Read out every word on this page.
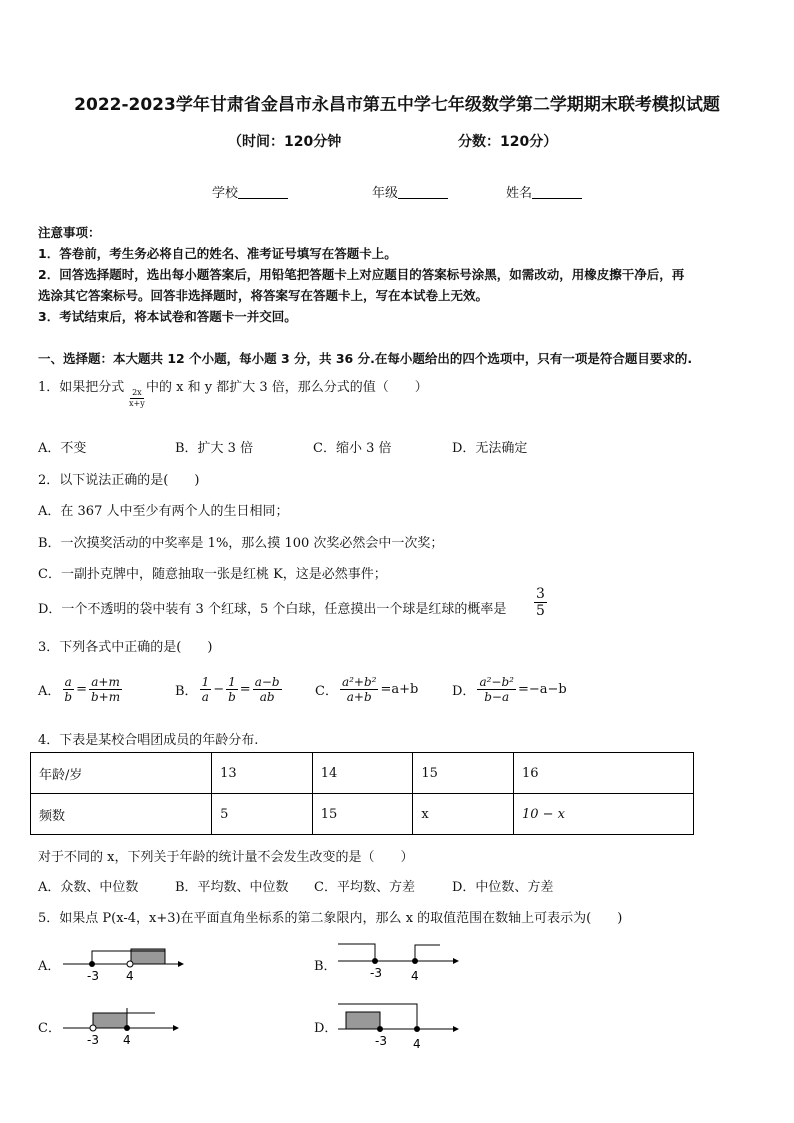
2022-2023学年甘肃省金昌市永昌市第五中学七年级数学第二学期期末联考模拟试题
（时间：120分钟	分数：120分）
学校	年级	姓名
注意事项：
1．答卷前，考生务必将自己的姓名、准考证号填写在答题卡上。
2．回答选择题时，选出每小题答案后，用铅笔把答题卡上对应题目的答案标号涂黑，如需改动，用橡皮擦干净后，再
选涂其它答案标号。回答非选择题时，将答案写在答题卡上，写在本试卷上无效。
3．考试结束后，将本试卷和答题卡一并交回。
一、选择题：本大题共 12 个小题，每小题 3 分，共 36 分.在每小题给出的四个选项中，只有一项是符合题目要求的.
1．如果把分式
$\frac{2x}{x+y}$
中的 x 和 y 都扩大 3 倍，那么分式的值（　　）
A．不变	B．扩大 3 倍	C．缩小 3 倍	D．无法确定
2．以下说法正确的是(　　)
A．在 367 人中至少有两个人的生日相同；
B．一次摸奖活动的中奖率是 1%，那么摸 100 次奖必然会中一次奖；
C．一副扑克牌中，随意抽取一张是红桃 K，这是必然事件；
D．一个不透明的袋中装有 3 个红球，5 个白球，任意摸出一个球是红球的概率是 $\frac{3}{5}$
3．下列各式中正确的是(　　)
A． $\frac{a}{b} = \frac{a+m}{b+m}$	B． $\frac{1}{a} - \frac{1}{b} = \frac{a-b}{ab}$	C． $\frac{\text{a²+b²}}{a+b} =a+b$	D． $\frac{\text{a²−b²}}{b-a} =-a-b$
4．下表是某校合唱团成员的年龄分布.
年龄/岁	13	14	15	16
频数	5	15	x	10 − x
对于不同的 x，下列关于年龄的统计量不会发生改变的是（　　）
A．众数、中位数	B．平均数、中位数 C．平均数、方差	D．中位数、方差
5．如果点 P(x-4，x+3)在平面直角坐标系的第二象限内，那么 x 的取值范围在数轴上可表示为(　　)
A．
-3 4
B．	-3 4
C．
-3 4
D．
-3 4
